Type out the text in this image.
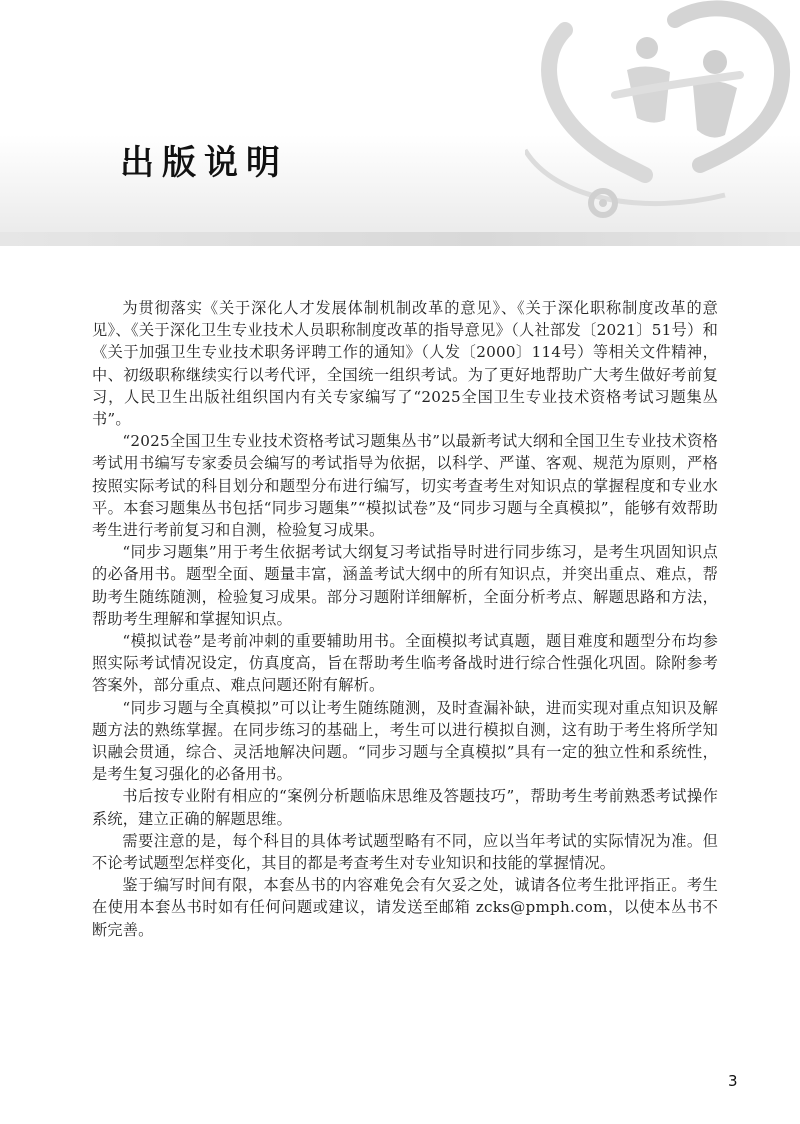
出版说明

为贯彻落实《关于深化人才发展体制机制改革的意见》、《关于深化职称制度改革的意见》、《关于深化卫生专业技术人员职称制度改革的指导意见》（人社部发〔2021〕51号）和《关于加强卫生专业技术职务评聘工作的通知》（人发〔2000〕114号）等相关文件精神，中、初级职称继续实行以考代评，全国统一组织考试。为了更好地帮助广大考生做好考前复习，人民卫生出版社组织国内有关专家编写了“2025全国卫生专业技术资格考试习题集丛书”。

“2025全国卫生专业技术资格考试习题集丛书”以最新考试大纲和全国卫生专业技术资格考试用书编写专家委员会编写的考试指导为依据，以科学、严谨、客观、规范为原则，严格按照实际考试的科目划分和题型分布进行编写，切实考查考生对知识点的掌握程度和专业水平。本套习题集丛书包括“同步习题集”“模拟试卷”及“同步习题与全真模拟”，能够有效帮助考生进行考前复习和自测，检验复习成果。

“同步习题集”用于考生依据考试大纲复习考试指导时进行同步练习，是考生巩固知识点的必备用书。题型全面、题量丰富，涵盖考试大纲中的所有知识点，并突出重点、难点，帮助考生随练随测，检验复习成果。部分习题附详细解析，全面分析考点、解题思路和方法，帮助考生理解和掌握知识点。

“模拟试卷”是考前冲刺的重要辅助用书。全面模拟考试真题，题目难度和题型分布均参照实际考试情况设定，仿真度高，旨在帮助考生临考备战时进行综合性强化巩固。除附参考答案外，部分重点、难点问题还附有解析。

“同步习题与全真模拟”可以让考生随练随测，及时查漏补缺，进而实现对重点知识及解题方法的熟练掌握。在同步练习的基础上，考生可以进行模拟自测，这有助于考生将所学知识融会贯通，综合、灵活地解决问题。“同步习题与全真模拟”具有一定的独立性和系统性，是考生复习强化的必备用书。

书后按专业附有相应的“案例分析题临床思维及答题技巧”，帮助考生考前熟悉考试操作系统，建立正确的解题思维。

需要注意的是，每个科目的具体考试题型略有不同，应以当年考试的实际情况为准。但不论考试题型怎样变化，其目的都是考查考生对专业知识和技能的掌握情况。

鉴于编写时间有限，本套丛书的内容难免会有欠妥之处，诚请各位考生批评指正。考生在使用本套丛书时如有任何问题或建议，请发送至邮箱 zcks@pmph.com，以使本丛书不断完善。

3
